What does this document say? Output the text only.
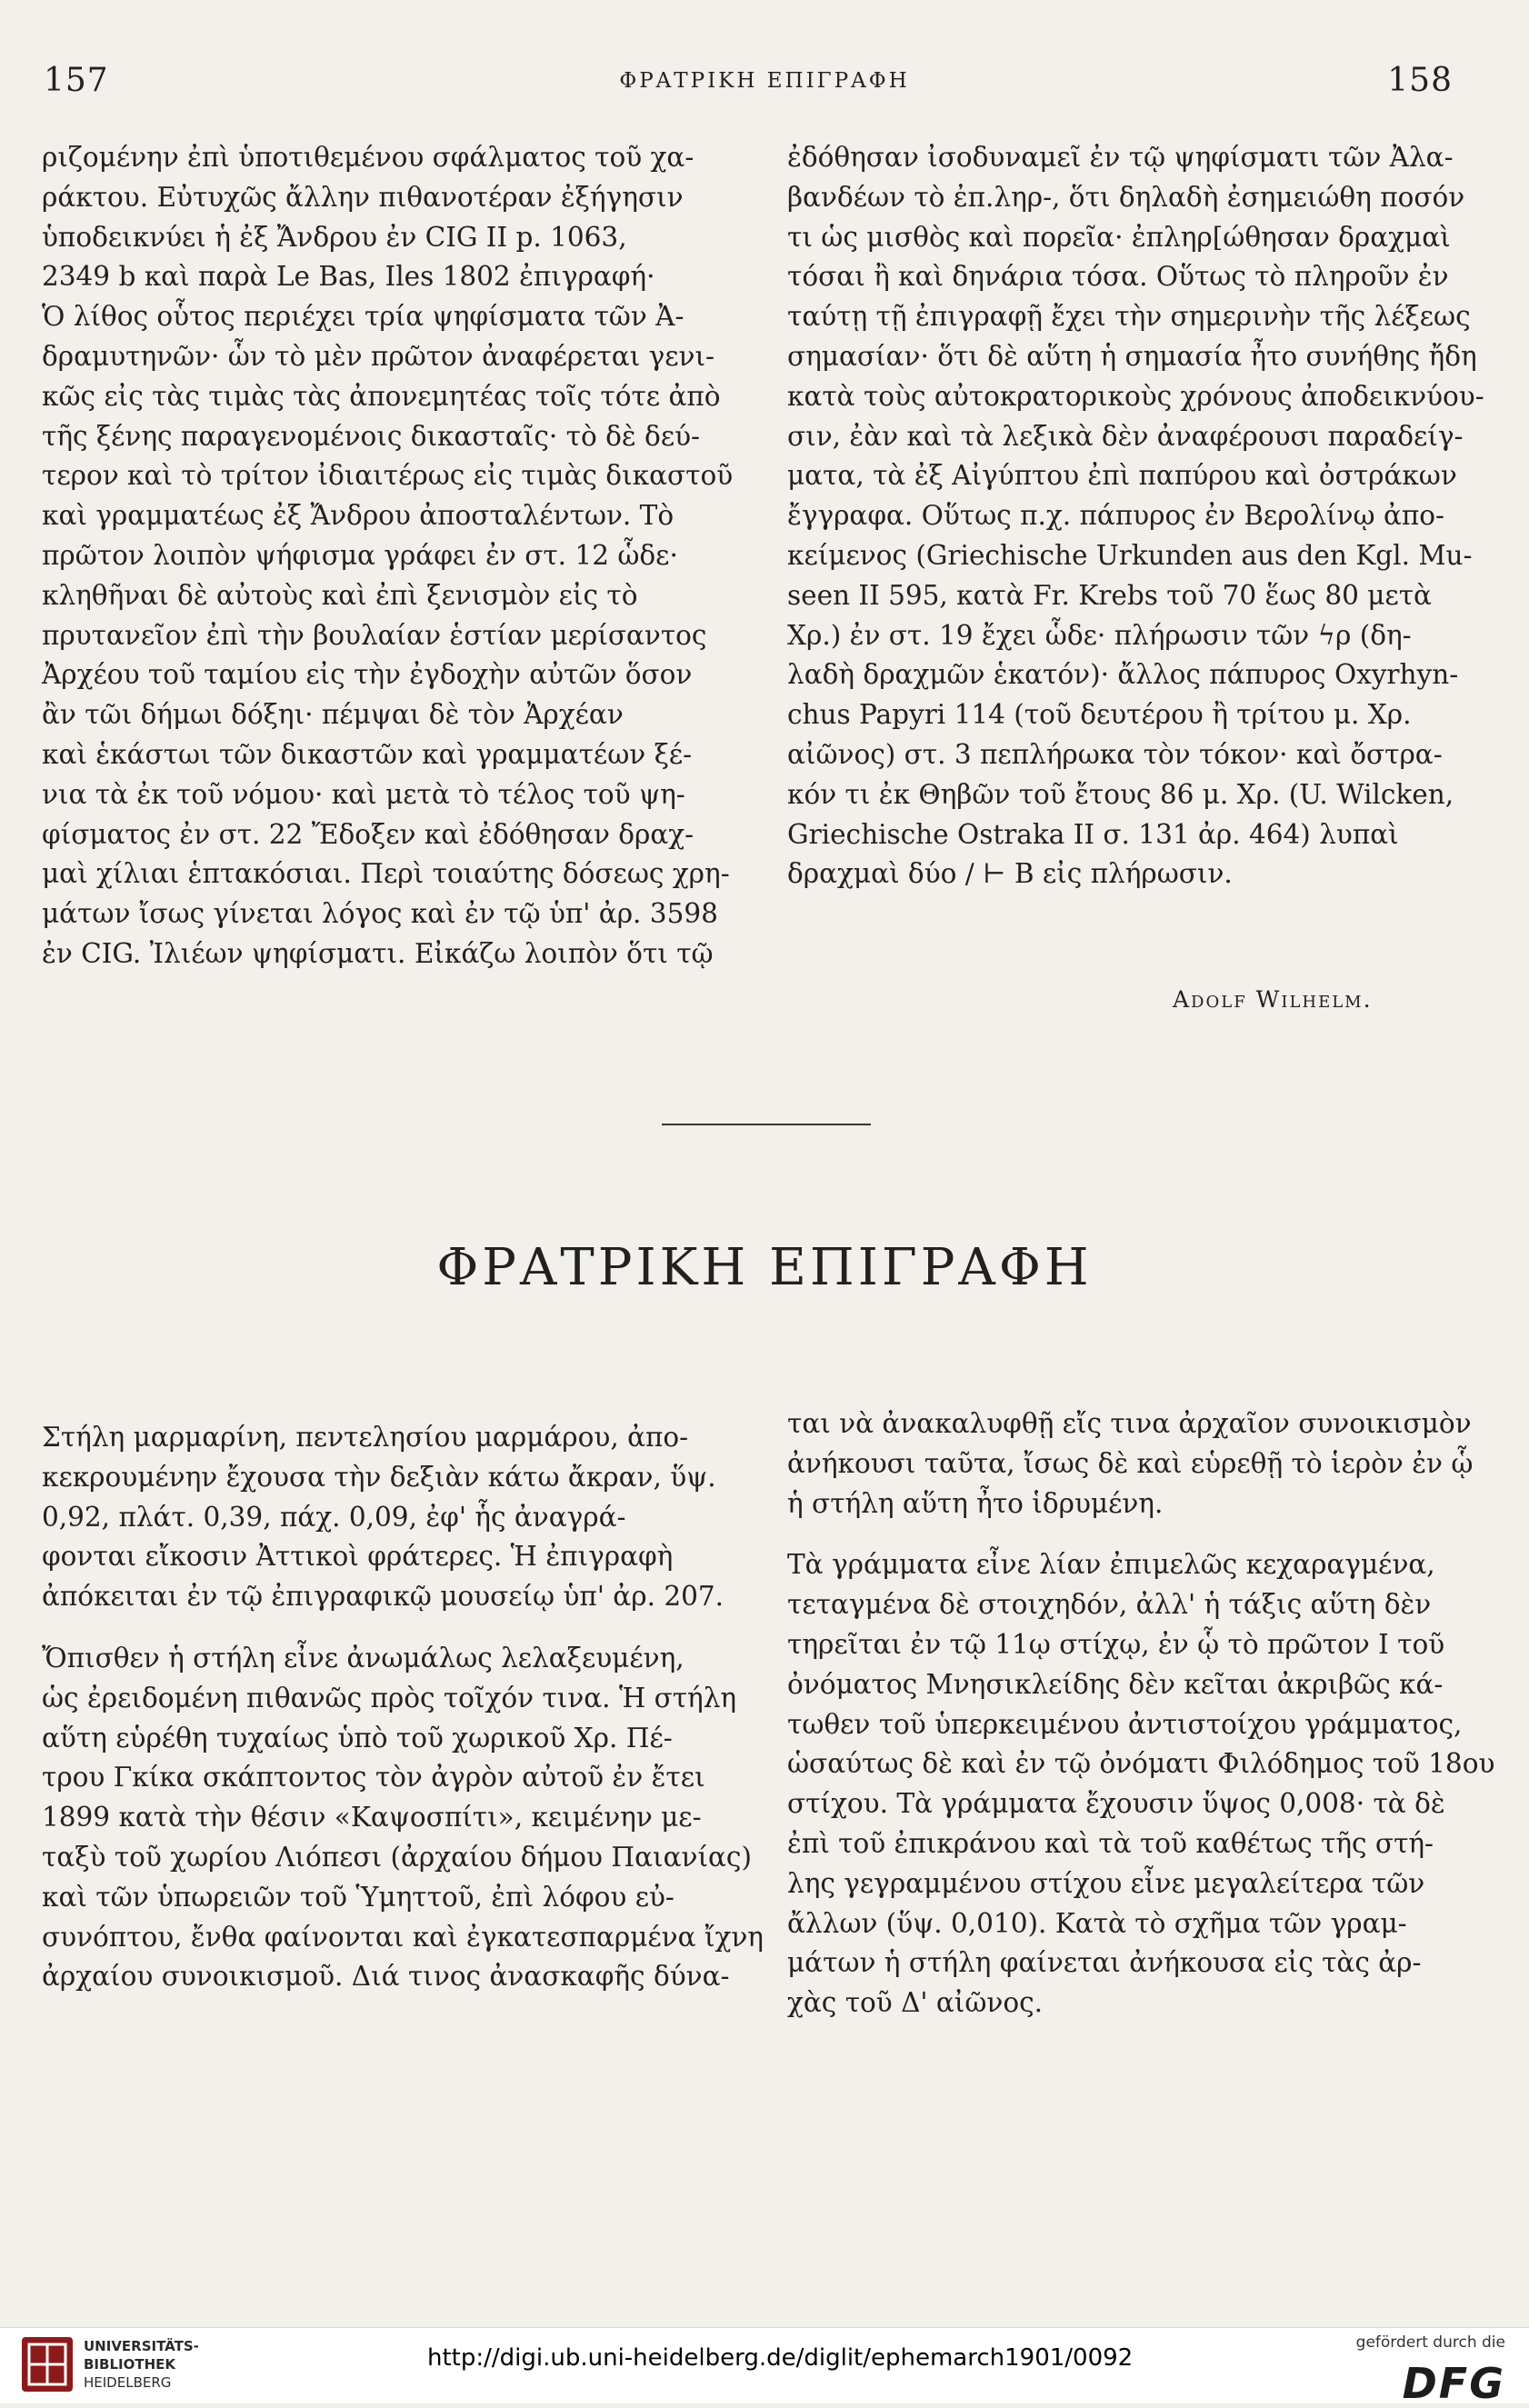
157	ΦΡΑΤΡΙΚΗ ΕΠΙΓΡΑΦΗ	158

ριζομένην ἐπὶ ὑποτιθεμένου σφάλματος τοῦ χα-

ράκτου. Εὐτυχῶς ἄλλην πιθανοτέραν ἐξήγησιν

ὑποδεικνύει ἡ ἐξ Ἄνδρου ἐν CIG II p. 1063,

2349 b καὶ παρὰ Le Bas, Iles 1802 ἐπιγραφή·

Ὁ λίθος οὗτος περιέχει τρία ψηφίσματα τῶν Ἀ-

δραμυτηνῶν· ὧν τὸ μὲν πρῶτον ἀναφέρεται γενι-

κῶς εἰς τὰς τιμὰς τὰς ἀπονεμητέας τοῖς τότε ἀπὸ

τῆς ξένης παραγενομένοις δικασταῖς· τὸ δὲ δεύ-

τερον καὶ τὸ τρίτον ἰδιαιτέρως εἰς τιμὰς δικαστοῦ

καὶ γραμματέως ἐξ Ἄνδρου ἀποσταλέντων. Τὸ

πρῶτον λοιπὸν ψήφισμα γράφει ἐν στ. 12 ὧδε·

κληθῆναι δὲ αὐτοὺς καὶ ἐπὶ ξενισμὸν εἰς τὸ

πρυτανεῖον ἐπὶ τὴν βουλαίαν ἑστίαν μερίσαντος

Ἀρχέου τοῦ ταμίου εἰς τὴν ἐγδοχὴν αὐτῶν ὅσον

ἂν τῶι δήμωι δόξηι· πέμψαι δὲ τὸν Ἀρχέαν

καὶ ἑκάστωι τῶν δικαστῶν καὶ γραμματέων ξέ-

νια τὰ ἐκ τοῦ νόμου· καὶ μετὰ τὸ τέλος τοῦ ψη-

φίσματος ἐν στ. 22 Ἔδοξεν καὶ ἐδόθησαν δραχ-

μαὶ χίλιαι ἑπτακόσιαι. Περὶ τοιαύτης δόσεως χρη-

μάτων ἴσως γίνεται λόγος καὶ ἐν τῷ ὑπ' ἀρ. 3598

ἐν CIG. Ἰλιέων ψηφίσματι. Εἰκάζω λοιπὸν ὅτι τῷ

ἐδόθησαν ἰσοδυναμεῖ ἐν τῷ ψηφίσματι τῶν Ἀλα-

βανδέων τὸ ἐπ.ληρ-, ὅτι δηλαδὴ ἐσημειώθη ποσόν

τι ὡς μισθὸς καὶ πορεῖα· ἐπληρ[ώθησαν δραχμαὶ

τόσαι ἢ καὶ δηνάρια τόσα. Οὕτως τὸ πληροῦν ἐν

ταύτῃ τῇ ἐπιγραφῇ ἔχει τὴν σημερινὴν τῆς λέξεως

σημασίαν· ὅτι δὲ αὕτη ἡ σημασία ἦτο συνήθης ἤδη

κατὰ τοὺς αὐτοκρατορικοὺς χρόνους ἀποδεικνύου-

σιν, ἐὰν καὶ τὰ λεξικὰ δὲν ἀναφέρουσι παραδείγ-

ματα, τὰ ἐξ Αἰγύπτου ἐπὶ παπύρου καὶ ὀστράκων

ἔγγραφα. Οὕτως π.χ. πάπυρος ἐν Βερολίνῳ ἀπο-

κείμενος (Griechische Urkunden aus den Kgl. Mu-

seen II 595, κατὰ Fr. Krebs τοῦ 70 ἕως 80 μετὰ

Χρ.) ἐν στ. 19 ἔχει ὧδε· πλήρωσιν τῶν ϟρ (δη-

λαδὴ δραχμῶν ἑκατόν)· ἄλλος πάπυρος Oxyrhyn-

chus Papyri 114 (τοῦ δευτέρου ἢ τρίτου μ. Χρ.

αἰῶνος) στ. 3 πεπλήρωκα τὸν τόκον· καὶ ὄστρα-

κόν τι ἐκ Θηβῶν τοῦ ἔτους 86 μ. Χρ. (U. Wilcken,

Griechische Ostraka II σ. 131 ἀρ. 464) λυπαὶ

δραχμαὶ δύο / ⊢ Β εἰς πλήρωσιν.

Adolf Wilhelm.
ΦΡΑΤΡΙΚΗ ΕΠΙΓΡΑΦΗ

Στήλη μαρμαρίνη, πεντελησίου μαρμάρου, ἀπο-

κεκρουμένην ἔχουσα τὴν δεξιὰν κάτω ἄκραν, ὕψ.

0,92, πλάτ. 0,39, πάχ. 0,09, ἐφ' ἧς ἀναγρά-

φονται εἴκοσιν Ἀττικοὶ φράτερες. Ἡ ἐπιγραφὴ

ἀπόκειται ἐν τῷ ἐπιγραφικῷ μουσείῳ ὑπ' ἀρ. 207.

Ὄπισθεν ἡ στήλη εἶνε ἀνωμάλως λελαξευμένη,

ὡς ἐρειδομένη πιθανῶς πρὸς τοῖχόν τινα. Ἡ στήλη

αὕτη εὑρέθη τυχαίως ὑπὸ τοῦ χωρικοῦ Χρ. Πέ-

τρου Γκίκα σκάπτοντος τὸν ἀγρὸν αὐτοῦ ἐν ἔτει

1899 κατὰ τὴν θέσιν «Καψοσπίτι», κειμένην με-

ταξὺ τοῦ χωρίου Λιόπεσι (ἀρχαίου δήμου Παιανίας)

καὶ τῶν ὑπωρειῶν τοῦ Ὑμηττοῦ, ἐπὶ λόφου εὐ-

συνόπτου, ἔνθα φαίνονται καὶ ἐγκατεσπαρμένα ἴχνη

ἀρχαίου συνοικισμοῦ. Διά τινος ἀνασκαφῆς δύνα-

ται νὰ ἀνακαλυφθῇ εἴς τινα ἀρχαῖον συνοικισμὸν

ἀνήκουσι ταῦτα, ἴσως δὲ καὶ εὑρεθῇ τὸ ἱερὸν ἐν ᾧ

ἡ στήλη αὕτη ἦτο ἱδρυμένη.

Τὰ γράμματα εἶνε λίαν ἐπιμελῶς κεχαραγμένα,

τεταγμένα δὲ στοιχηδόν, ἀλλ' ἡ τάξις αὕτη δὲν

τηρεῖται ἐν τῷ 11ῳ στίχῳ, ἐν ᾧ τὸ πρῶτον I τοῦ

ὀνόματος Μνησικλείδης δὲν κεῖται ἀκριβῶς κά-

τωθεν τοῦ ὑπερκειμένου ἀντιστοίχου γράμματος,

ὡσαύτως δὲ καὶ ἐν τῷ ὀνόματι Φιλόδημος τοῦ 18ου

στίχου. Τὰ γράμματα ἔχουσιν ὕψος 0,008· τὰ δὲ

ἐπὶ τοῦ ἐπικράνου καὶ τὰ τοῦ καθέτως τῆς στή-

λης γεγραμμένου στίχου εἶνε μεγαλείτερα τῶν

ἄλλων (ὕψ. 0,010). Κατὰ τὸ σχῆμα τῶν γραμ-

μάτων ἡ στήλη φαίνεται ἀνήκουσα εἰς τὰς ἀρ-

χὰς τοῦ Δ' αἰῶνος.

UNIVERSITÄTS-
BIBLIOTHEK
HEIDELBERG
http://digi.ub.uni-heidelberg.de/diglit/ephemarch1901/0092
gefördert durch die
DFG
